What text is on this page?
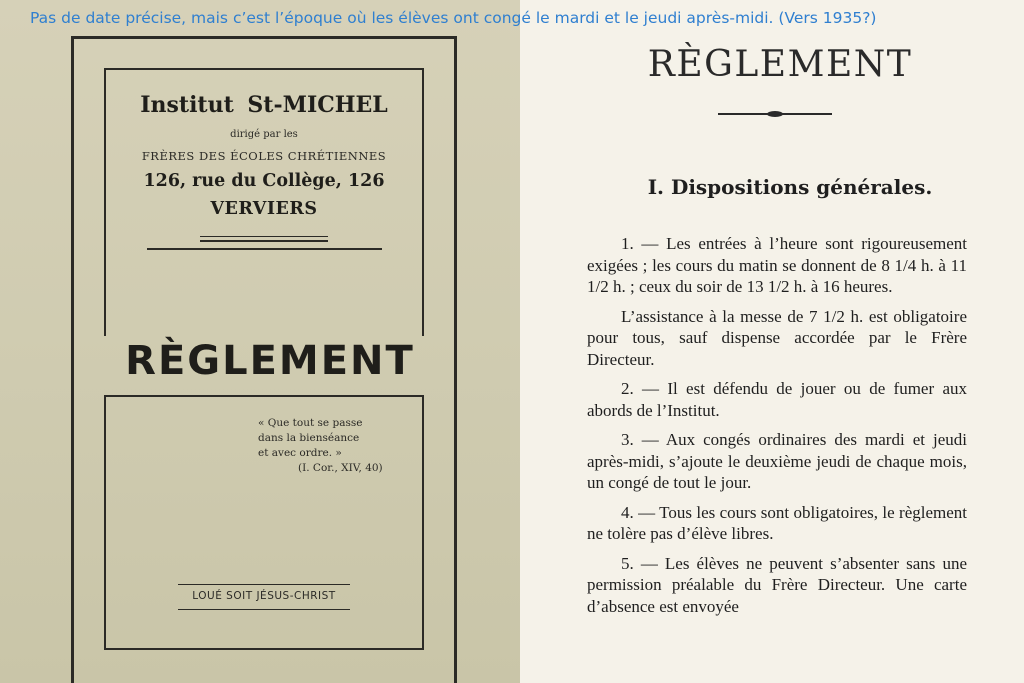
Pas de date précise, mais c’est l’époque où les élèves ont congé le mardi et le jeudi après-midi. (Vers 1935?)
Institut St-MICHEL
dirigé par les
FRÈRES DES ÉCOLES CHRÉTIENNES
126, rue du Collège, 126
VERVIERS
RÈGLEMENT
« Que tout se passe
dans la bienséance
et avec ordre. »
(I. Cor., XIV, 40)
LOUÉ SOIT JÉSUS-CHRIST
RÈGLEMENT
I. Dispositions générales.

1. — Les entrées à l’heure sont rigoureusement exigées ; les cours du matin se donnent de 8 1/4 h. à 11 1/2 h. ; ceux du soir de 13 1/2 h. à 16 heures.

L’assistance à la messe de 7 1/2 h. est obligatoire pour tous, sauf dispense accordée par le Frère Directeur.

2. — Il est défendu de jouer ou de fumer aux abords de l’Institut.

3. — Aux congés ordinaires des mardi et jeudi après-midi, s’ajoute le deuxième jeudi de chaque mois, un congé de tout le jour.

4. — Tous les cours sont obligatoires, le règlement ne tolère pas d’élève libres.

5. — Les élèves ne peuvent s’absenter sans une permission préalable du Frère Directeur. Une carte d’absence est envoyée
